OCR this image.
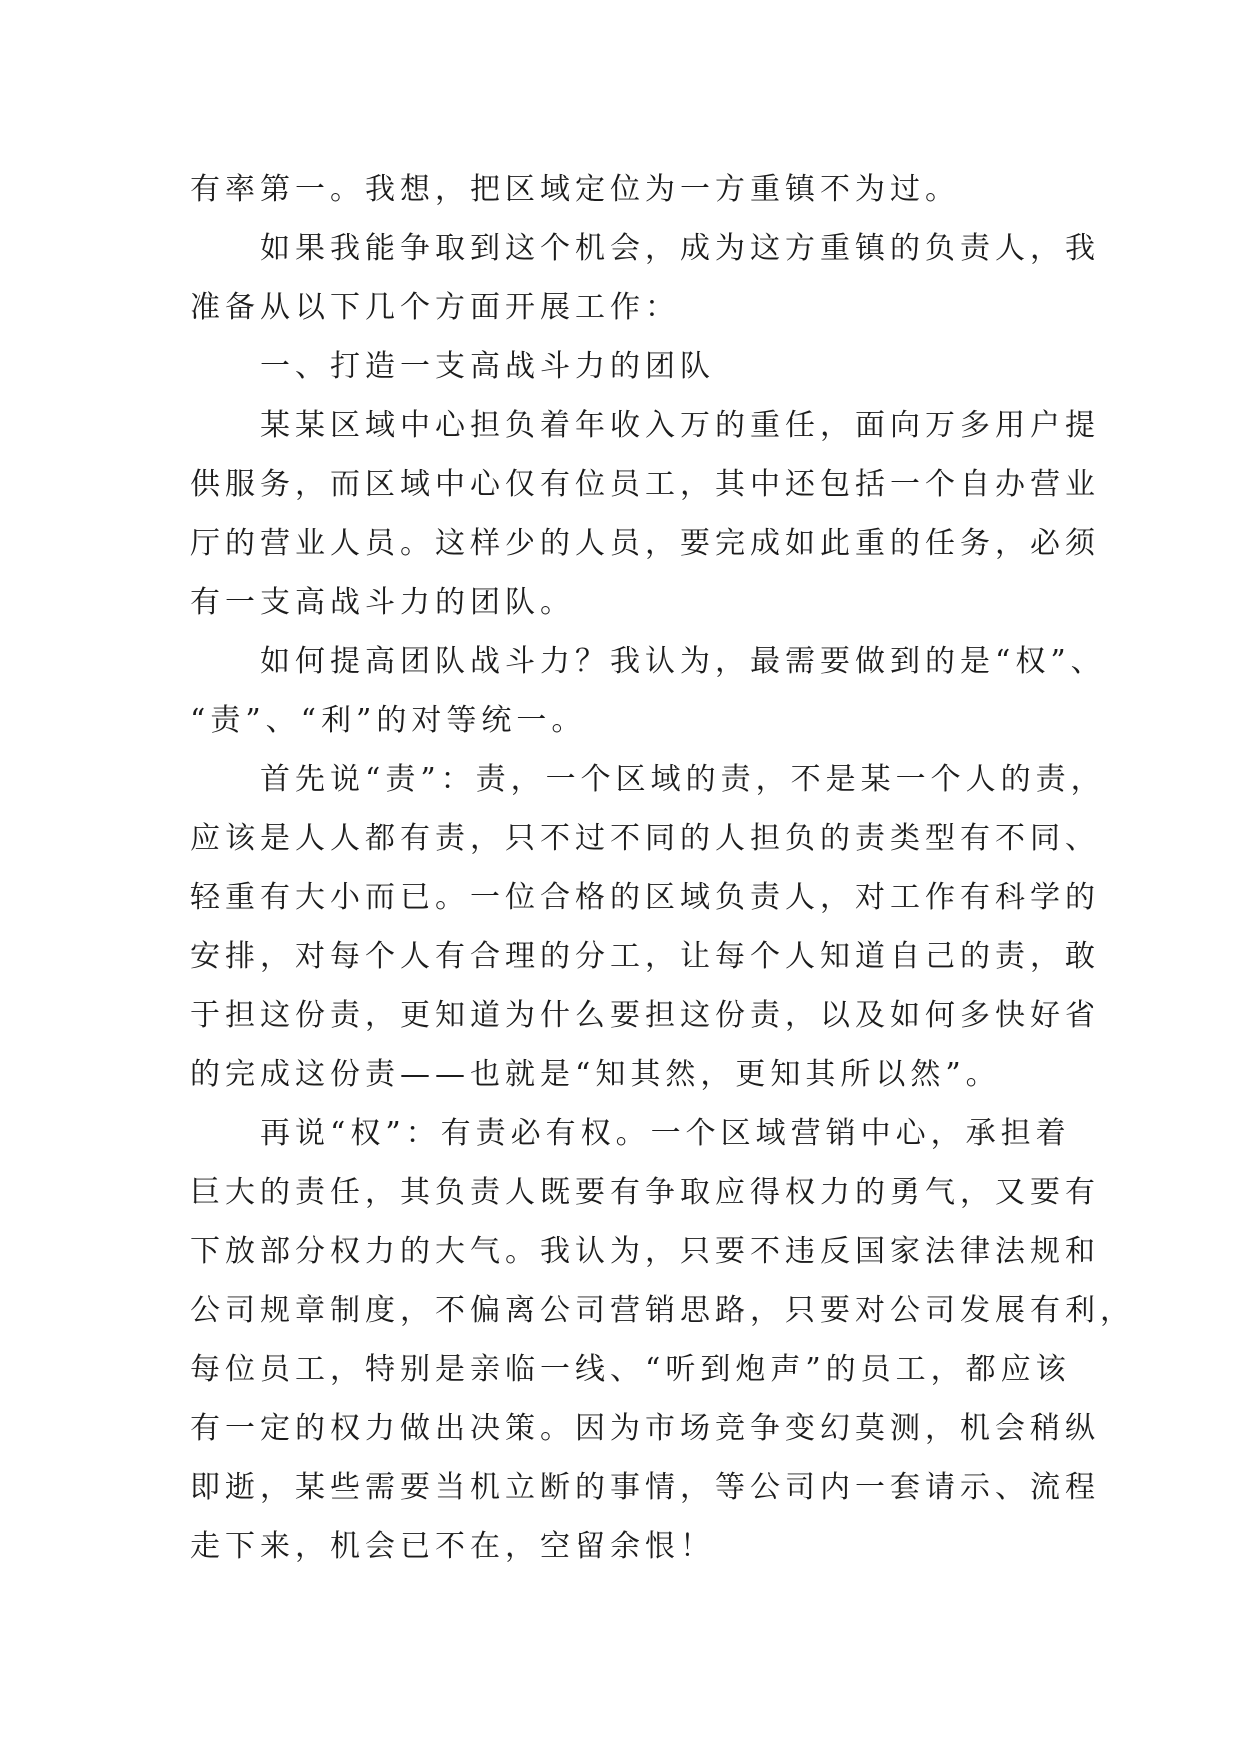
有率第一。我想，把区域定位为一方重镇不为过。
如果我能争取到这个机会，成为这方重镇的负责人，我
准备从以下几个方面开展工作：
一、打造一支高战斗力的团队
某某区域中心担负着年收入万的重任，面向万多用户提
供服务，而区域中心仅有位员工，其中还包括一个自办营业
厅的营业人员。这样少的人员，要完成如此重的任务，必须
有一支高战斗力的团队。
如何提高团队战斗力？我认为，最需要做到的是“权”、
“责”、“利”的对等统一。
首先说“责”：责，一个区域的责，不是某一个人的责，
应该是人人都有责，只不过不同的人担负的责类型有不同、
轻重有大小而已。一位合格的区域负责人，对工作有科学的
安排，对每个人有合理的分工，让每个人知道自己的责，敢
于担这份责，更知道为什么要担这份责，以及如何多快好省
的完成这份责——也就是“知其然，更知其所以然”。
再说“权”：有责必有权。一个区域营销中心，承担着
巨大的责任，其负责人既要有争取应得权力的勇气，又要有
下放部分权力的大气。我认为，只要不违反国家法律法规和
公司规章制度，不偏离公司营销思路，只要对公司发展有利，
每位员工，特别是亲临一线、“听到炮声”的员工，都应该
有一定的权力做出决策。因为市场竞争变幻莫测，机会稍纵
即逝，某些需要当机立断的事情，等公司内一套请示、流程
走下来，机会已不在，空留余恨！
